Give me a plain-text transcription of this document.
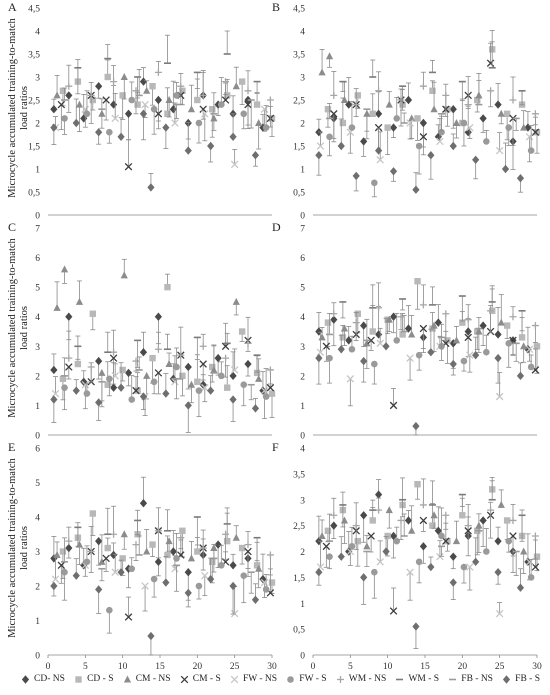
A
0
0,5
1
1,5
2
2,5
3
3,5
4
4,5	B
0
0,5
1
1,5
2
2,5
3
3,5
4
4,5
C
0
1
2
3
4
5
6
7	D
0
1
2
3
4
5
6
7
E
0
1
2
3
4
5
6
0	5	10	15	20	25	30
F
0
0,5
1
1,5
2
2,5
3
3,5
4
0	5	10	15	20	25	30
Microcycle accumulated training-to-match load ratios
Microcycle accumulated training-to-match load ratios
Microcycle accumulated training-to-match load ratios
CD- NS CD - S CM - NS CM - S FW - NS FW - S WM - NS WM - S FB - NS FB - S
